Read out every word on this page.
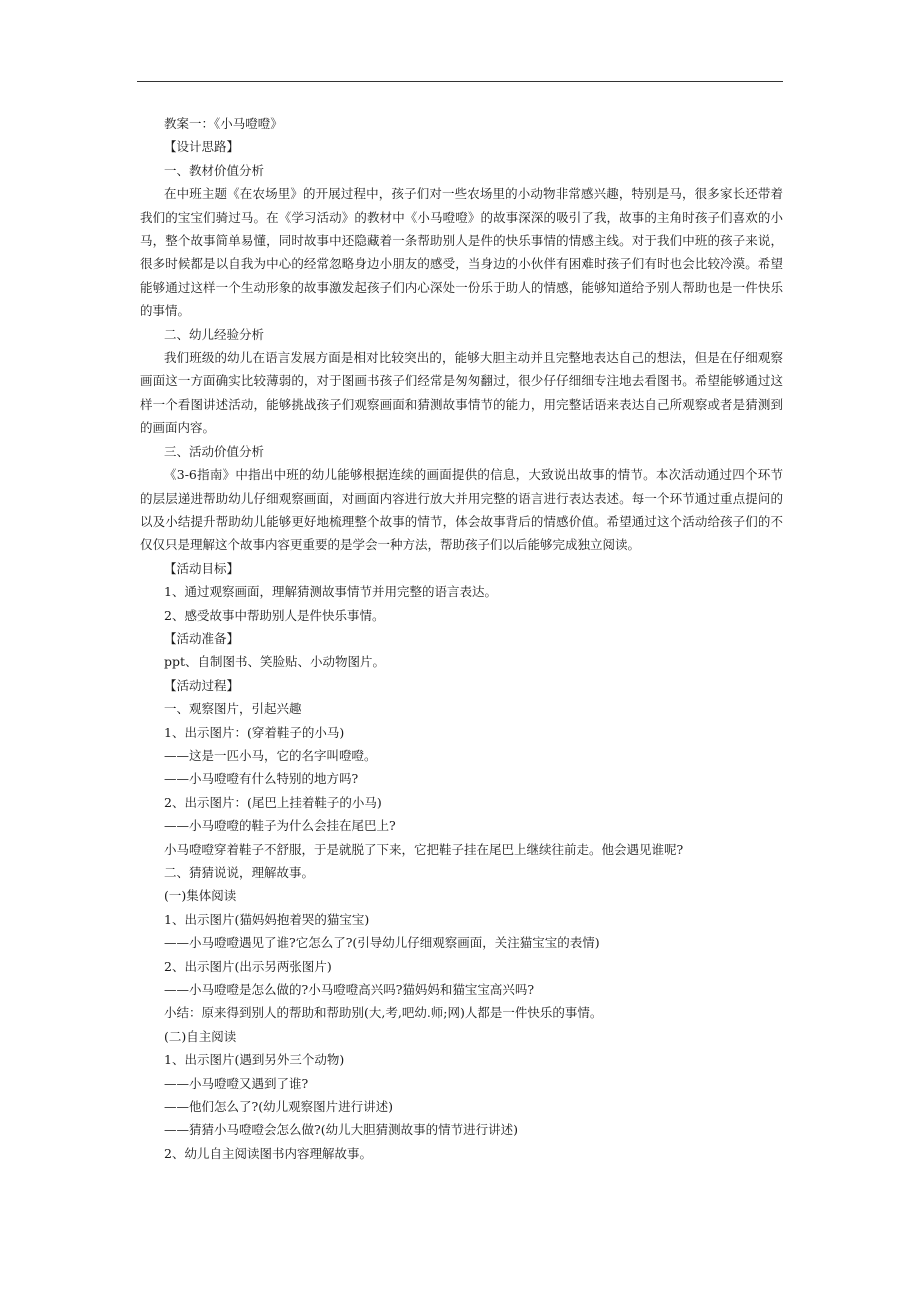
教案一：《小马噔噔》
【设计思路】
一、教材价值分析
在中班主题《在农场里》的开展过程中，孩子们对一些农场里的小动物非常感兴趣，特别是马，很多家长还带着我们的宝宝们骑过马。在《学习活动》的教材中《小马噔噔》的故事深深的吸引了我，故事的主角时孩子们喜欢的小马，整个故事简单易懂，同时故事中还隐藏着一条帮助别人是件的快乐事情的情感主线。对于我们中班的孩子来说，很多时候都是以自我为中心的经常忽略身边小朋友的感受，当身边的小伙伴有困难时孩子们有时也会比较冷漠。希望能够通过这样一个生动形象的故事激发起孩子们内心深处一份乐于助人的情感，能够知道给予别人帮助也是一件快乐的事情。
二、幼儿经验分析
我们班级的幼儿在语言发展方面是相对比较突出的，能够大胆主动并且完整地表达自己的想法，但是在仔细观察画面这一方面确实比较薄弱的，对于图画书孩子们经常是匆匆翻过，很少仔仔细细专注地去看图书。希望能够通过这样一个看图讲述活动，能够挑战孩子们观察画面和猜测故事情节的能力，用完整话语来表达自己所观察或者是猜测到的画面内容。
三、活动价值分析
《3-6指南》中指出中班的幼儿能够根据连续的画面提供的信息，大致说出故事的情节。本次活动通过四个环节的层层递进帮助幼儿仔细观察画面，对画面内容进行放大并用完整的语言进行表达表述。每一个环节通过重点提问的以及小结提升帮助幼儿能够更好地梳理整个故事的情节，体会故事背后的情感价值。希望通过这个活动给孩子们的不仅仅只是理解这个故事内容更重要的是学会一种方法，帮助孩子们以后能够完成独立阅读。
【活动目标】
1、通过观察画面，理解猜测故事情节并用完整的语言表达。
2、感受故事中帮助别人是件快乐事情。
【活动准备】
ppt、自制图书、笑脸贴、小动物图片。
【活动过程】
一、观察图片，引起兴趣
1、出示图片：(穿着鞋子的小马)
——这是一匹小马，它的名字叫噔噔。
——小马噔噔有什么特别的地方吗?
2、出示图片：(尾巴上挂着鞋子的小马)
——小马噔噔的鞋子为什么会挂在尾巴上?
小马噔噔穿着鞋子不舒服，于是就脱了下来，它把鞋子挂在尾巴上继续往前走。他会遇见谁呢?
二、猜猜说说，理解故事。
(一)集体阅读
1、出示图片(猫妈妈抱着哭的猫宝宝)
——小马噔噔遇见了谁?它怎么了?(引导幼儿仔细观察画面，关注猫宝宝的表情)
2、出示图片(出示另两张图片)
——小马噔噔是怎么做的?小马噔噔高兴吗?猫妈妈和猫宝宝高兴吗?
小结：原来得到别人的帮助和帮助别(大,考,吧幼.师;网)人都是一件快乐的事情。
(二)自主阅读
1、出示图片(遇到另外三个动物)
——小马噔噔又遇到了谁?
——他们怎么了?(幼儿观察图片进行讲述)
——猜猜小马噔噔会怎么做?(幼儿大胆猜测故事的情节进行讲述)
2、幼儿自主阅读图书内容理解故事。
